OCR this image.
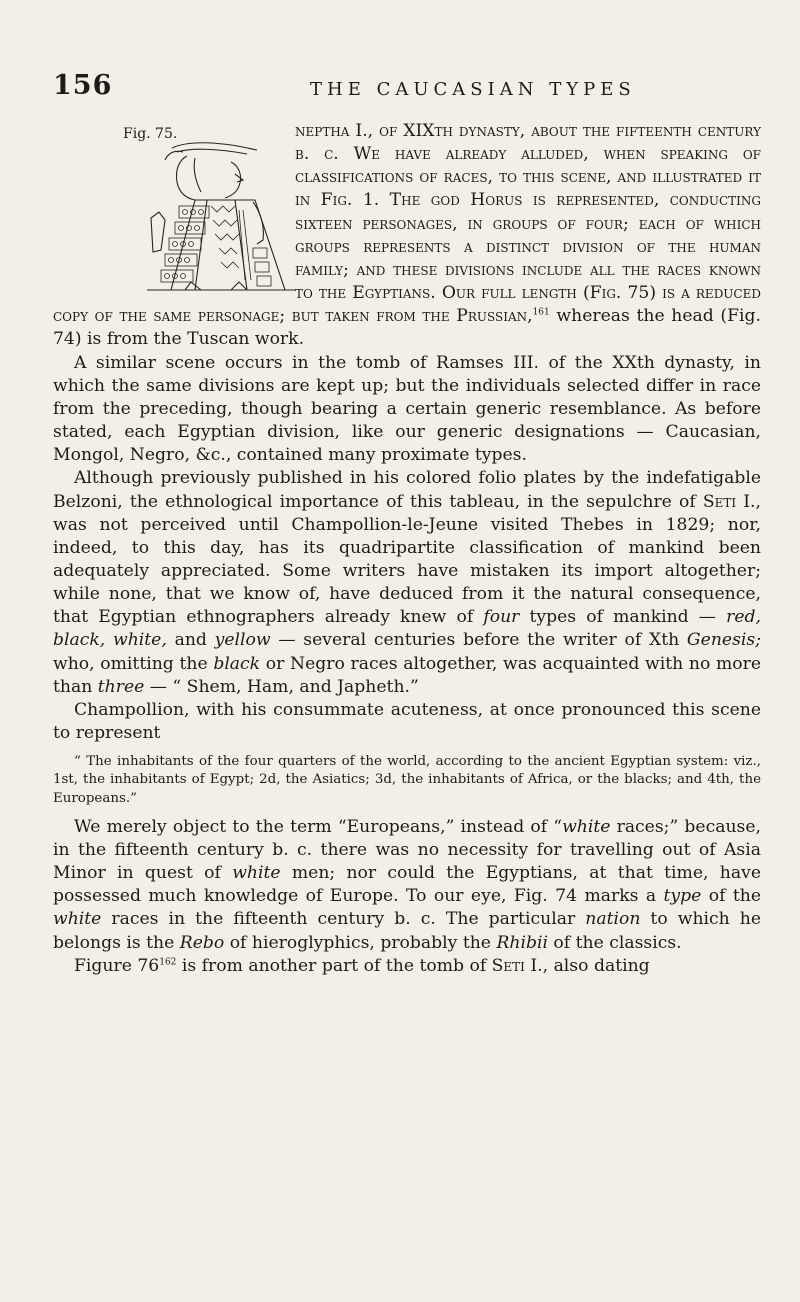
156	THE CAUCASIAN TYPES
Fig. 75.	neptha I., of XIXth dynasty, about the fifteenth century b. c. We have already alluded, when speaking of classifications of races, to this scene, and illustrated it in Fig. 1. The god Horus is represented, conducting sixteen personages, in groups of four; each of which groups represents a distinct division of the human family; and these divisions include all the races known to the Egyptians. Our full length (Fig. 75) is a reduced copy of the same personage; but taken from the Prussian,$^{161}$ whereas the head (Fig. 74) is from the Tuscan work.

A similar scene occurs in the tomb of Ramses III. of the XXth dynasty, in which the same divisions are kept up; but the individuals selected differ in race from the preceding, though bearing a certain generic resemblance. As before stated, each Egyptian division, like our generic designations — Caucasian, Mongol, Negro, &c., contained many proximate types.

Although previously published in his colored folio plates by the indefatigable Belzoni, the ethnological importance of this tableau, in the sepulchre of Seti I., was not perceived until Champollion-le-Jeune visited Thebes in 1829; nor, indeed, to this day, has its quadripartite classification of mankind been adequately appreciated. Some writers have mistaken its import altogether; while none, that we know of, have deduced from it the natural consequence, that Egyptian ethnographers already knew of four types of mankind — red, black, white, and yellow — several centuries before the writer of Xth Genesis; who, omitting the black or Negro races altogether, was acquainted with no more than three — “ Shem, Ham, and Japheth.”

Champollion, with his consummate acuteness, at once pronounced this scene to represent

“ The inhabitants of the four quarters of the world, according to the ancient Egyptian system: viz., 1st, the inhabitants of Egypt; 2d, the Asiatics; 3d, the inhabitants of Africa, or the blacks; and 4th, the Europeans.”

We merely object to the term “Europeans,” instead of “white races;” because, in the fifteenth century b. c. there was no necessity for travelling out of Asia Minor in quest of white men; nor could the Egyptians, at that time, have possessed much knowledge of Europe. To our eye, Fig. 74 marks a type of the white races in the fifteenth century b. c. The particular nation to which he belongs is the Rebo of hieroglyphics, probably the Rhibii of the classics.

Figure $76^{162}$ is from another part of the tomb of Seti I., also dating
